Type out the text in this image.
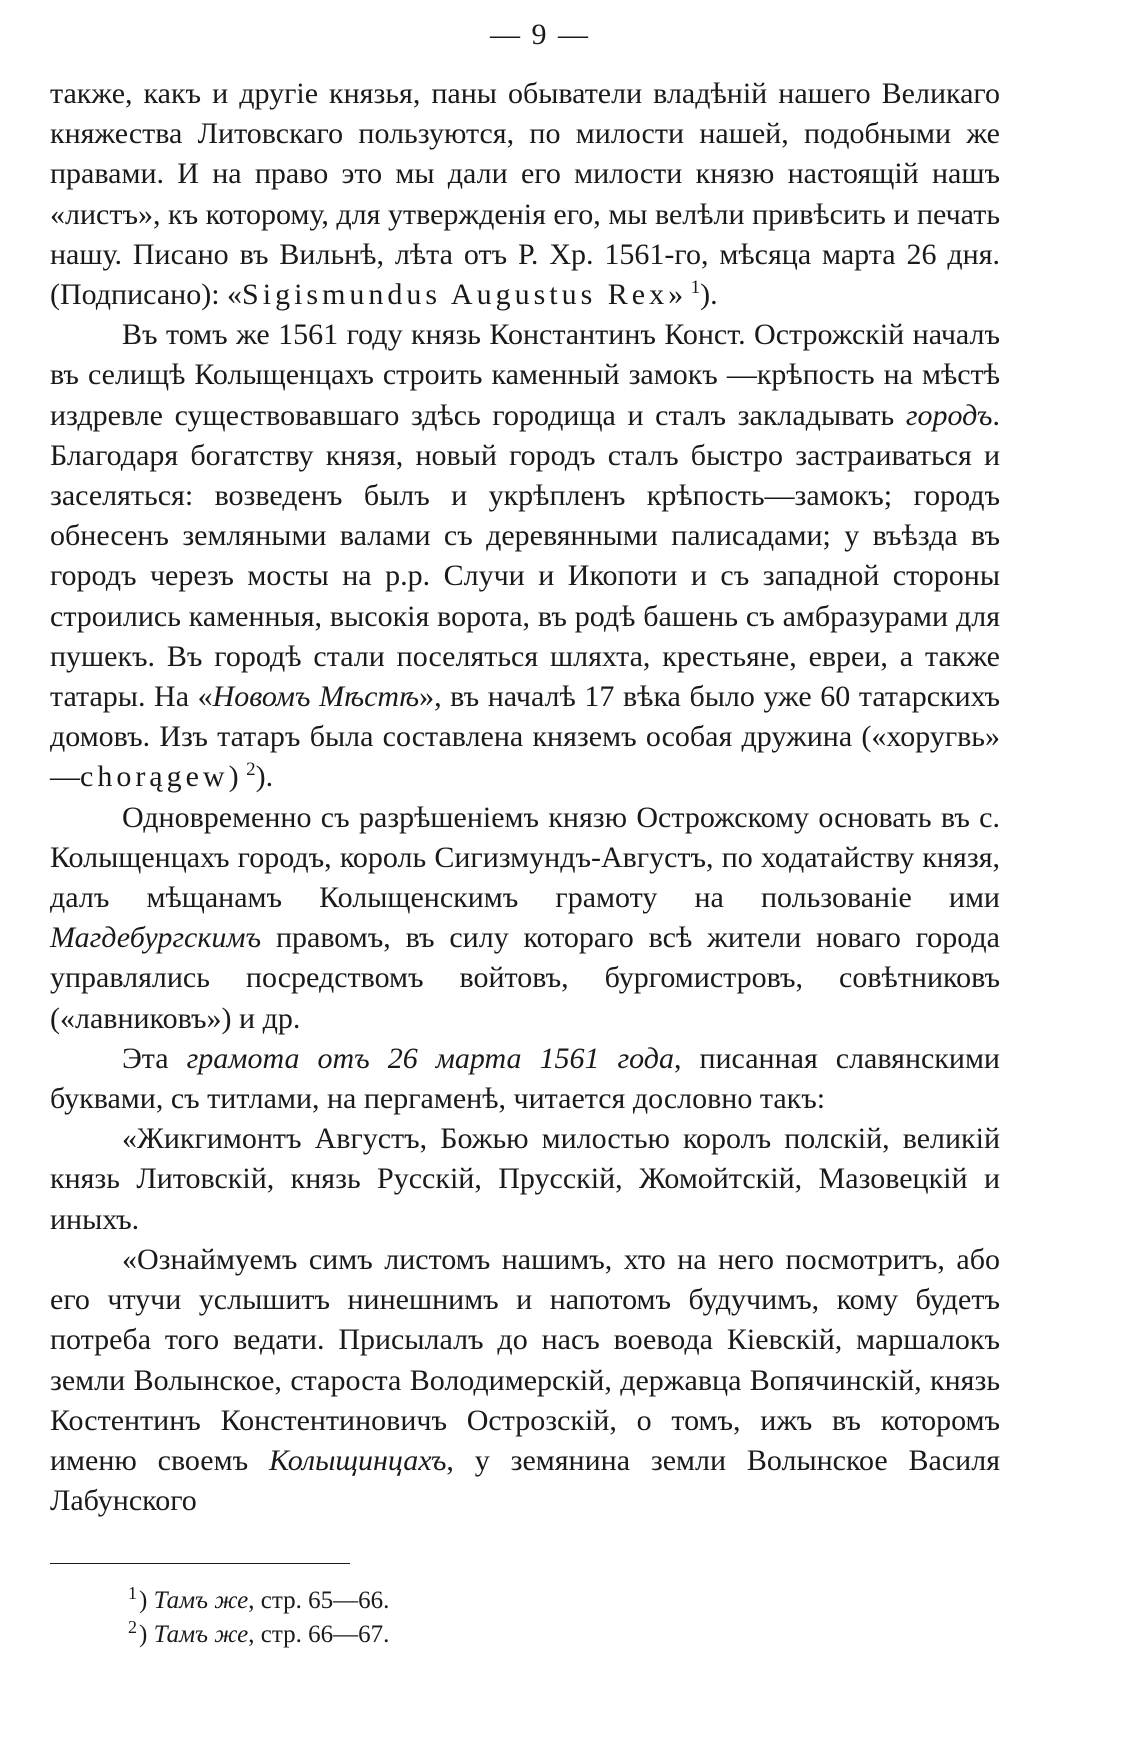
— 9 —

также, какъ и другіе князья, паны обыватели владѣній нашего Великаго княжества Литовскаго пользуются, по милости нашей, подобными же правами. И на право это мы дали его милости князю настоящій нашъ «листъ», къ которому, для утвержденія его, мы велѣли привѣсить и печать нашу. Писано въ Вильнѣ, лѣта отъ Р. Хр. 1561-го, мѣсяца марта 26 дня. (Подписано): «Sigismundus Augustus Rex» $^1$).

Въ томъ же 1561 году князь Константинъ Конст. Острожскій началъ въ селищѣ Колыщенцахъ строить каменный замокъ —крѣпость на мѣстѣ издревле существовавшаго здѣсь городища и сталъ закладывать городъ. Благодаря богатству князя, новый городъ сталъ быстро застраиваться и заселяться: возведенъ былъ и укрѣпленъ крѣпость—замокъ; городъ обнесенъ земляными валами съ деревянными палисадами; у въѣзда въ городъ черезъ мосты на р.р. Случи и Икопоти и съ западной стороны строились каменныя, высокія ворота, въ родѣ башень съ амбразурами для пушекъ. Въ городѣ стали поселяться шляхта, крестьяне, евреи, а также татары. На «Новомъ Мѣстѣ», въ началѣ 17 вѣка было уже 60 татарскихъ домовъ. Изъ татаръ была составлена княземъ особая дружина («хоругвь» —chorągew) $^2$).

Одновременно съ разрѣшеніемъ князю Острожскому основать въ с. Колыщенцахъ городъ, король Сигизмундъ-Августъ, по ходатайству князя, далъ мѣщанамъ Колыщенскимъ грамоту на пользованіе ими Магдебургскимъ правомъ, въ силу котораго всѣ жители новаго города управлялись посредствомъ войтовъ, бургомистровъ, совѣтниковъ («лавниковъ») и др.

Эта грамота отъ 26 марта 1561 года, писанная славянскими буквами, съ титлами, на пергаменѣ, читается дословно такъ:

«Жикгимонтъ Августъ, Божью милостью королъ полскій, великій князь Литовскій, князь Русскій, Прусскій, Жомойтскій, Мазовецкій и иныхъ.

«Ознаймуемъ симъ листомъ нашимъ, хто на него посмотритъ, або его чтучи услышитъ нинешнимъ и напотомъ будучимъ, кому будетъ потреба того ведати. Присылалъ до насъ воевода Кіевскій, маршалокъ земли Волынское, староста Володимерскій, державца Вопячинскій, князь Костентинъ Констентиновичъ Острозскій, о томъ, ижъ въ которомъ имeню своемъ Колыщинцахъ, у земянина земли Волынское Василя Лабунского

$^1$) Тамъ же, стр. 65—66.

$^2$) Тамъ же, стр. 66—67.
